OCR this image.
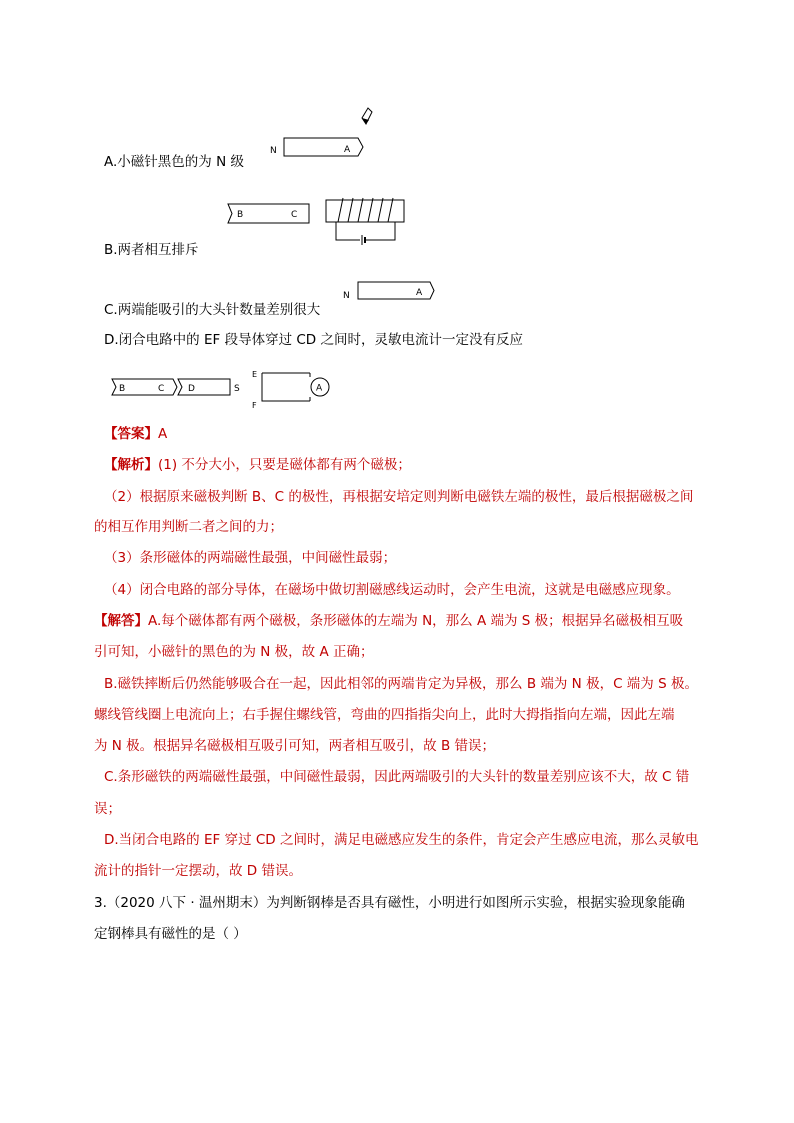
N	A
A.小磁针黑色的为 N 级
B	C
B.两者相互排斥
N	A
C.两端能吸引的大头针数量差别很大
D.闭合电路中的 EF 段导体穿过 CD 之间时，灵敏电流计一定没有反应
B	C	D	S
E
F
A
【答案】A
【解析】(1) 不分大小，只要是磁体都有两个磁极；
（2）根据原来磁极判断 B、C 的极性，再根据安培定则判断电磁铁左端的极性，最后根据磁极之间
的相互作用判断二者之间的力；
（3）条形磁体的两端磁性最强，中间磁性最弱；
（4）闭合电路的部分导体，在磁场中做切割磁感线运动时，会产生电流，这就是电磁感应现象。
【解答】A.每个磁体都有两个磁极，条形磁体的左端为 N，那么 A 端为 S 极；根据异名磁极相互吸
引可知，小磁针的黑色的为 N 极，故 A 正确；
B.磁铁摔断后仍然能够吸合在一起，因此相邻的两端肯定为异极，那么 B 端为 N 极，C 端为 S 极。
螺线管线圈上电流向上；右手握住螺线管，弯曲的四指指尖向上，此时大拇指指向左端，因此左端
为 N 极。根据异名磁极相互吸引可知，两者相互吸引，故 B 错误；
C.条形磁铁的两端磁性最强，中间磁性最弱，因此两端吸引的大头针的数量差别应该不大，故 C 错
误；
D.当闭合电路的 EF 穿过 CD 之间时，满足电磁感应发生的条件，肯定会产生感应电流，那么灵敏电
流计的指针一定摆动，故 D 错误。
3.（2020 八下 · 温州期末）为判断钢棒是否具有磁性，小明进行如图所示实验，根据实验现象能确
定钢棒具有磁性的是（ ）
